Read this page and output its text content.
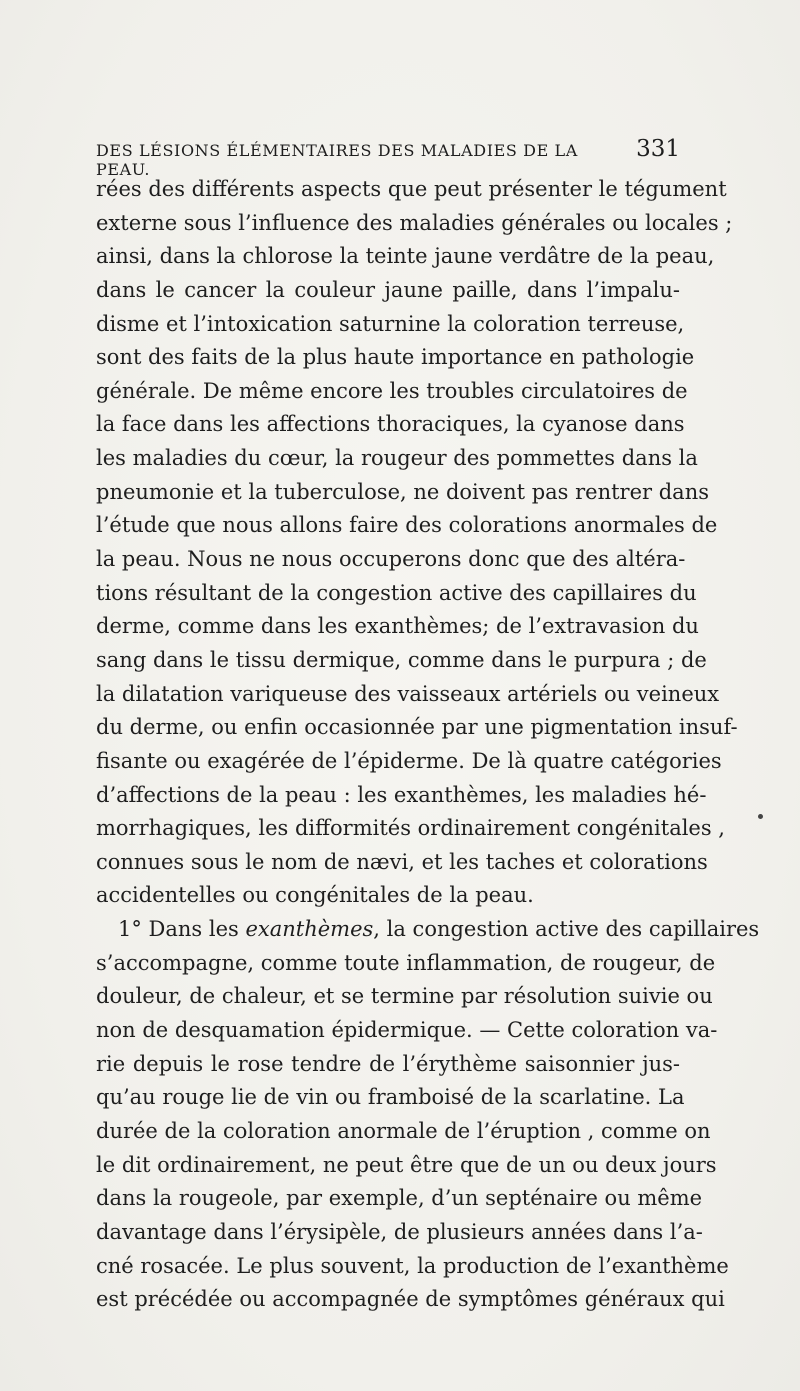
DES LÉSIONS ÉLÉMENTAIRES DES MALADIES DE LA PEAU.
331
rées des différents aspects que peut présenter le tégument
externe sous l’influence des maladies générales ou locales ;
ainsi, dans la chlorose la teinte jaune verdâtre de la peau,
dans le cancer la couleur jaune paille, dans l’impalu-
disme et l’intoxication saturnine la coloration terreuse,
sont des faits de la plus haute importance en pathologie
générale. De même encore les troubles circulatoires de
la face dans les affections thoraciques, la cyanose dans
les maladies du cœur, la rougeur des pommettes dans la
pneumonie et la tuberculose, ne doivent pas rentrer dans
l’étude que nous allons faire des colorations anormales de
la peau. Nous ne nous occuperons donc que des altéra-
tions résultant de la congestion active des capillaires du
derme, comme dans les exanthèmes; de l’extravasion du
sang dans le tissu dermique, comme dans le purpura ; de
la dilatation variqueuse des vaisseaux artériels ou veineux
du derme, ou enfin occasionnée par une pigmentation insuf-
fisante ou exagérée de l’épiderme. De là quatre catégories
d’affections de la peau : les exanthèmes, les maladies hé-
morrhagiques, les difformités ordinairement congénitales ,
connues sous le nom de nævi, et les taches et colorations
accidentelles ou congénitales de la peau.
1° Dans les exanthèmes, la congestion active des capillaires
s’accompagne, comme toute inflammation, de rougeur, de
douleur, de chaleur, et se termine par résolution suivie ou
non de desquamation épidermique. — Cette coloration va-
rie depuis le rose tendre de l’érythème saisonnier jus-
qu’au rouge lie de vin ou framboisé de la scarlatine. La
durée de la coloration anormale de l’éruption , comme on
le dit ordinairement, ne peut être que de un ou deux jours
dans la rougeole, par exemple, d’un septénaire ou même
davantage dans l’érysipèle, de plusieurs années dans l’a-
cné rosacée. Le plus souvent, la production de l’exanthème
est précédée ou accompagnée de symptômes généraux qui
